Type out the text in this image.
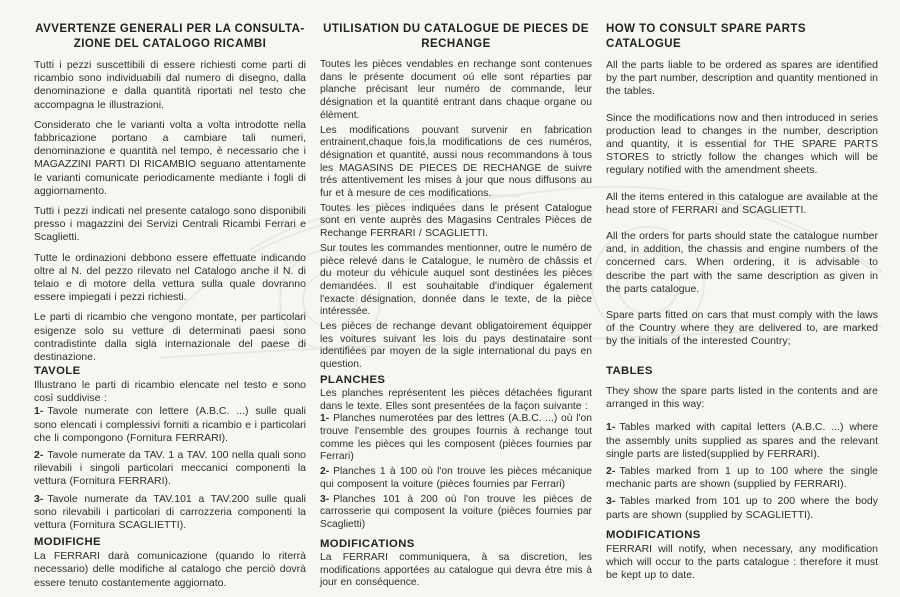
AVVERTENZE GENERALI PER LA CONSULTA-
ZIONE DEL CATALOGO RICAMBI

Tutti i pezzi suscettibili di essere richiesti come parti di ricambio sono individuabili dal numero di disegno, dalla denominazione e dalla quantità riportati nel testo che accompagna le illustrazioni.

Considerato che le varianti volta a volta introdotte nella fabbricazione portano a cambiare tali numeri, denominazione e quantità nel tempo, è necessario che i MAGAZZINI PARTI DI RICAMBIO seguano attentamente le varianti comunicate periodicamente mediante i fogli di aggiornamento.

Tutti i pezzi indicati nel presente catalogo sono disponibili presso i magazzini dei Servizi Centrali Ricambi Ferrari e Scaglietti.

Tutte le ordinazioni debbono essere effettuate indicando oltre al N. del pezzo rilevato nel Catalogo anche il N. di telaio e di motore della vettura sulla quale dovranno essere impiegati i pezzi richiesti.

Le parti di ricambio che vengono montate, per particolari esigenze solo su vetture di determinati paesi sono contradistinte dalla sigla internazionale del paese di destinazione.

TAVOLE

Illustrano le parti di ricambio elencate nel testo e sono così suddivise :

1- Tavole numerate con lettere (A.B.C. ...) sulle quali sono elencati i complessivi forniti a ricambio e i particolari che li compongono (Fornitura FERRARI).

2- Tavole numerate da TAV. 1 a TAV. 100 nella quali sono rilevabili i singoli particolari meccanici componenti la vettura (Fornitura FERRARI).

3- Tavole numerate da TAV.101 a TAV.200 sulle quali sono rilevabili i particolari di carrozzeria componenti la vettura (Fornitura SCAGLIETTI).

MODIFICHE

La FERRARI darà comunicazione (quando lo riterrà necessario) delle modifiche al catalogo che perciò dovrà essere tenuto costantemente aggiornato.

UTILISATION DU CATALOGUE DE PIECES DE
RECHANGE

Toutes les pièces vendables en rechange sont contenues dans le présente document oú elle sont réparties par planche précisant leur numéro de commande, leur désignation et la quantité entrant dans chaque organe ou élèment.

Les modifications pouvant survenir en fabrication entrainent,chaque fois,la modifications de ces numéros, désignation et quantité, aussi nous recommandons à tous les MAGASINS DE PIECES DE RECHANGE de suivre trés attentivement les mises à jour que nous diffusons au fur et à mesure de ces modifications.

Toutes les pièces indiquées dans le présent Catalogue sont en vente auprès des Magasins Centrales Pièces de Rechange FERRARI / SCAGLIETTI.

Sur toutes les commandes mentionner, outre le numéro de pièce relevé dans le Catalogue, le numèro de châssis et du moteur du véhicule auquel sont destinées les pièces demandées. Il est souhaitable d'indiquer également l'exacte désignation, donnée dans le texte, de la pièce intéressée.

Les pièces de rechange devant obligatoirement équipper les voitures suivant les lois du pays destinataire sont identifiées par moyen de la sigle international du pays en question.

PLANCHES

Les planches représentent les pièces détachées figurant dans le texte. Elles sont presentées de la façon suivante :

1- Planches numerotées par des lettres (A.B.C. ...) où l'on trouve l'ensemble des groupes fournis à rechange tout comme les pièces qui les composent (pièces fournies par Ferrari)

2- Planches 1 à 100 où l'on trouve les pièces mécanique qui composent la voiture (pièces fournies par Ferrari)

3- Planches 101 à 200 où l'on trouve les pièces de carrosserie qui composent la voiture (pièces fournies par Scaglietti)

MODIFICATIONS

La FERRARI communiquera, à sa discretion, les modifications apportées au catalogue qui devra étre mis à jour en conséquence.

HOW TO CONSULT SPARE PARTS CATALOGUE

All the parts liable to be ordered as spares are identified by the part number, description and quantity mentioned in the tables.

Since the modifications now and then introduced in series production lead to changes in the number, description and quantity, it is essential for THE SPARE PARTS STORES to strictly follow the changes which will be regulary notified with the amendment sheets.

All the items entered in this catalogue are available at the head store of FERRARI and SCAGLIETTI.

All the orders for parts should state the catalogue number and, in addition, the chassis and engine numbers of the concerned cars. When ordering, it is advisable to describe the part with the same description as given in the parts catalogue.

Spare parts fitted on cars that must comply with the laws of the Country where they are delivered to, are marked by the initials of the interested Country;

TABLES

They show the spare parts listed in the contents and are arranged in this way:

1- Tables marked with capital letters (A.B.C. ...) where the assembly units supplied as spares and the relevant single parts are listed(supplied by FERRARI).

2- Tables marked from 1 up to 100 where the single mechanic parts are shown (supplied by FERRARI).

3- Tables marked from 101 up to 200 where the body parts are shown (supplied by SCAGLIETTI).

MODIFICATIONS

FERRARI will notify, when necessary, any modification which will occur to the parts catalogue : therefore it must be kept up to date.
